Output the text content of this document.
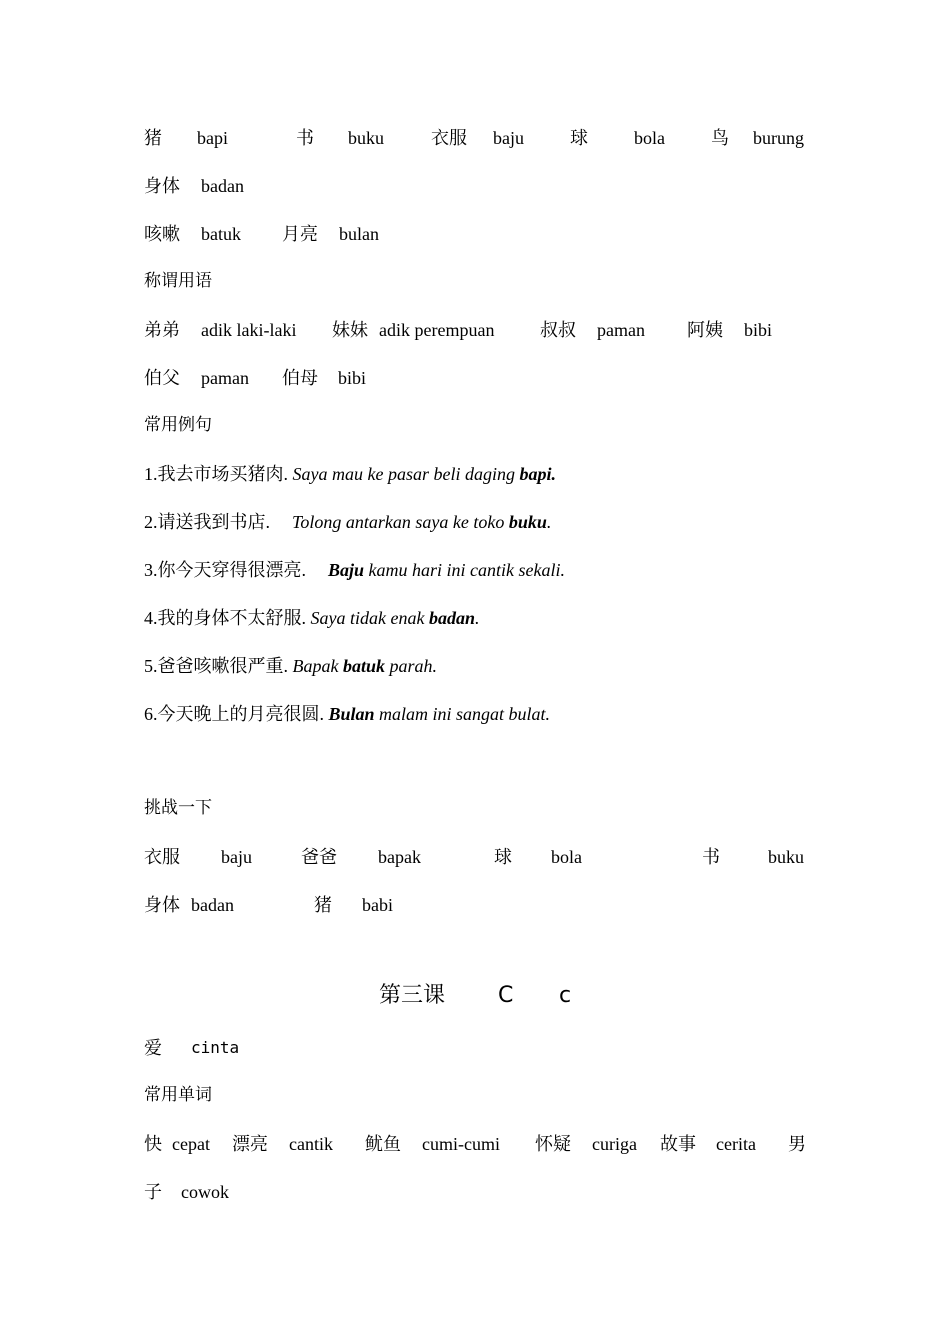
猪 bapi	书 buku	衣服 baju	球	bola	鸟 burung
身体 badan
咳嗽 batuk 月亮 bulan
称谓用语
弟弟 adik laki-laki 妹妹 adik perempuan	叔叔 paman 阿姨 bibi
伯父 paman 伯母 bibi
常用例句
1.我去市场买猪肉. Saya mau ke pasar beli daging bapi.
2.请送我到书店. Tolong antarkan saya ke toko buku.
3.你今天穿得很漂亮. Baju kamu hari ini cantik sekali.
4.我的身体不太舒服. Saya tidak enak badan.
5.爸爸咳嗽很严重. Bapak batuk parah.
6.今天晚上的月亮很圆. Bulan malam ini sangat bulat.
挑战一下
衣服 baju	爸爸 bapak	球 bola	书	buku
身体 badan	猪 babi
第三课 C c
爱 cinta
常用单词
快 cepat 漂亮 cantik 鱿鱼 cumi-cumi 怀疑 curiga 故事 cerita 男
子 cowok
